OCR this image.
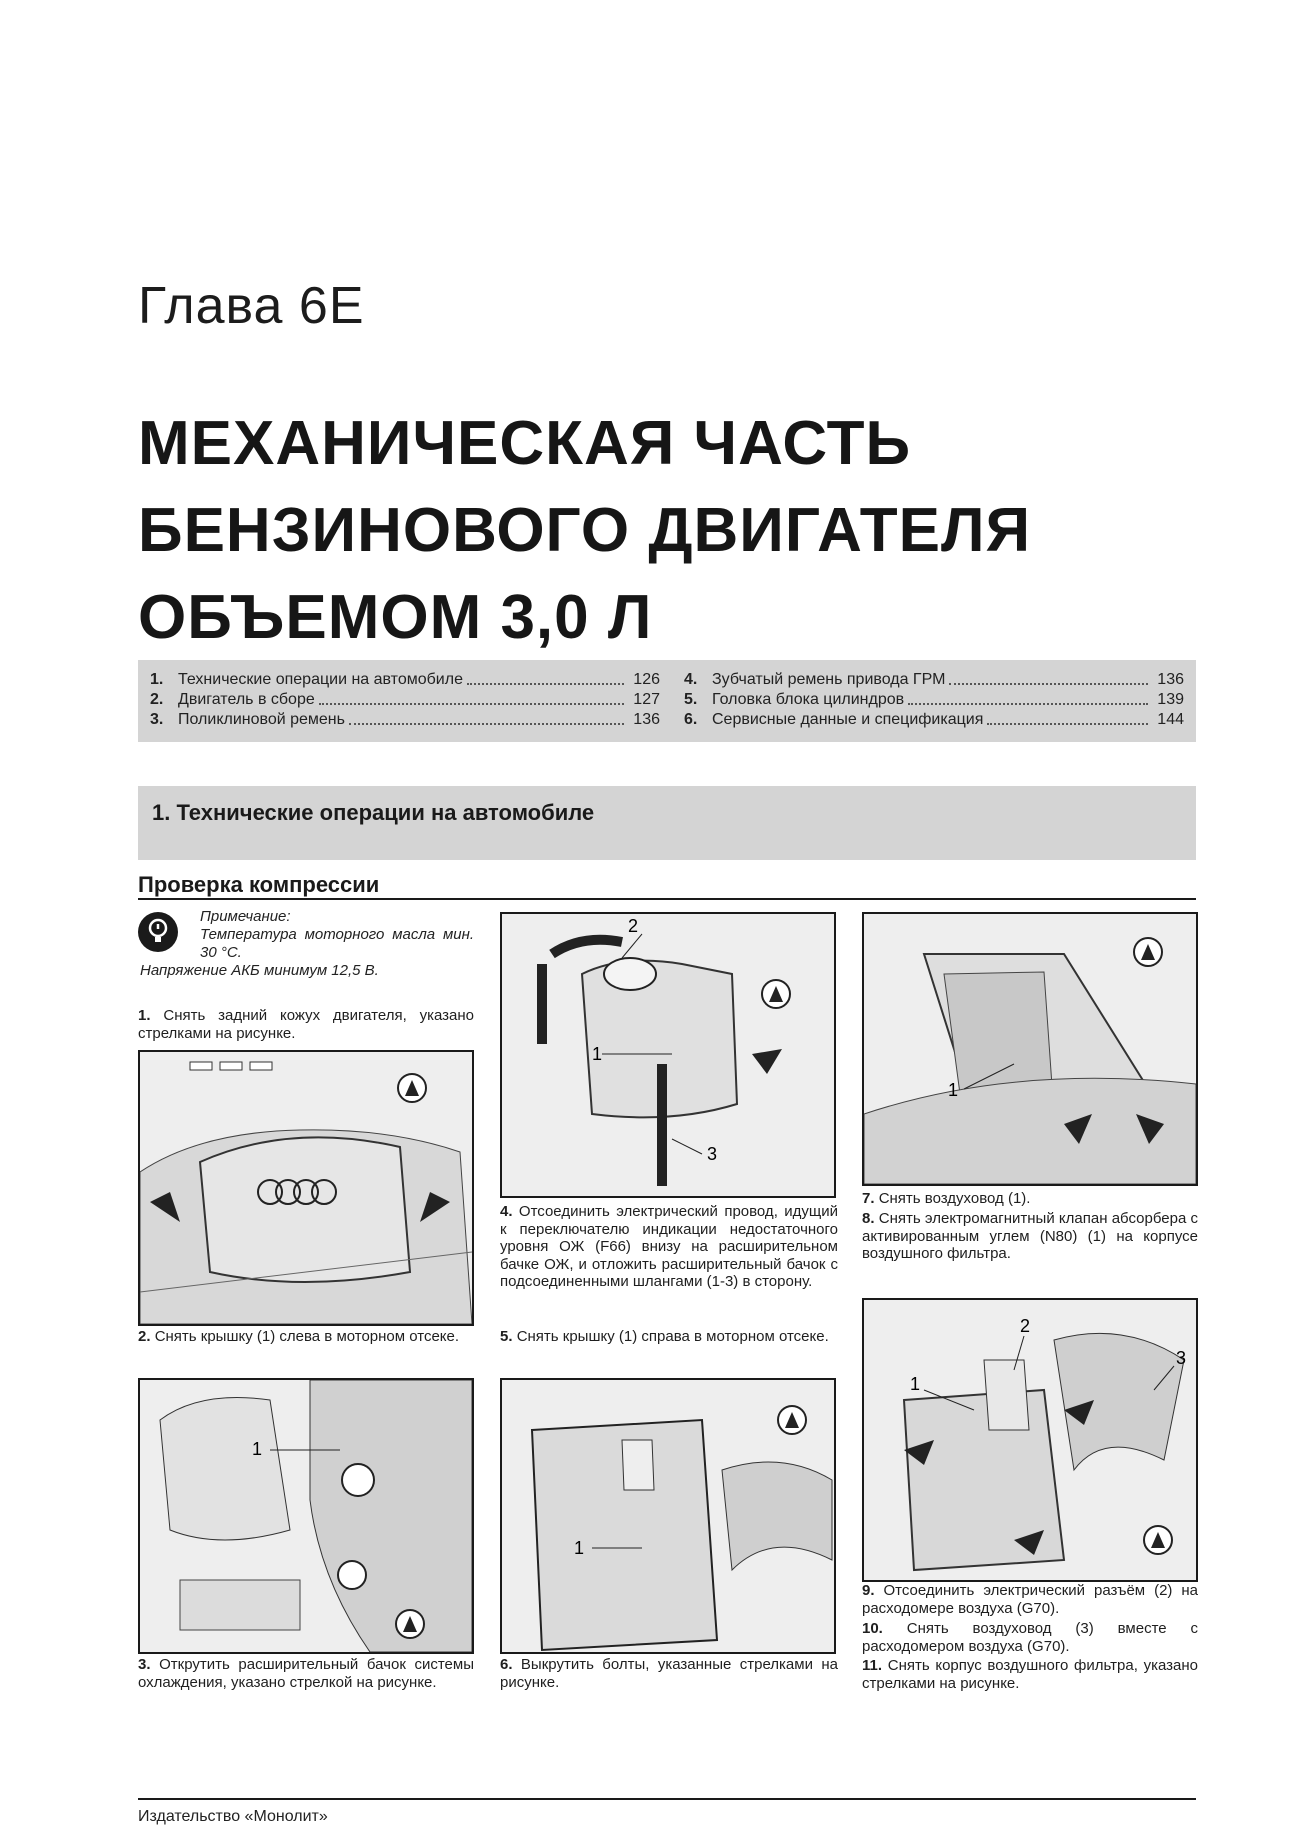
Глава 6Е
МЕХАНИЧЕСКАЯ ЧАСТЬ
БЕНЗИНОВОГО ДВИГАТЕЛЯ
ОБЪЕМОМ 3,0 Л
1. Технические операции на автомобиле	126
2. Двигатель в сборе	127
3. Поликлиновой ремень	136
4. Зубчатый ремень привода ГРМ	136
5. Головка блока цилиндров	139
6. Сервисные данные и спецификация	144
1. Технические операции на автомобиле
Проверка компрессии
Примечание:
Температура моторного масла мин. 30 °C.
Напряжение АКБ минимум 12,5 В.
1. Снять задний кожух двигателя, указано стрелками на рисунке.
2. Снять крышку (1) слева в моторном отсеке.
1
3. Открутить расширительный бачок системы охлаждения, указано стрелкой на рисунке.
1
2
3
4. Отсоединить электрический провод, идущий к переключателю индикации недостаточного уровня ОЖ (F66) внизу на расширительном бачке ОЖ, и отложить расширительный бачок с подсоединенными шлангами (1-3) в сторону.
5. Снять крышку (1) справа в моторном отсеке.
1
6. Выкрутить болты, указанные стрелками на рисунке.
1
7. Снять воздуховод (1).
8. Снять электромагнитный клапан абсорбера с активированным углем (N80) (1) на корпусе воздушного фильтра.
1
2
3
9. Отсоединить электрический разъём (2) на расходомере воздуха (G70).
10. Снять воздуховод (3) вместе с расходомером воздуха (G70).
11. Снять корпус воздушного фильтра, указано стрелками на рисунке.
Издательство «Монолит»
